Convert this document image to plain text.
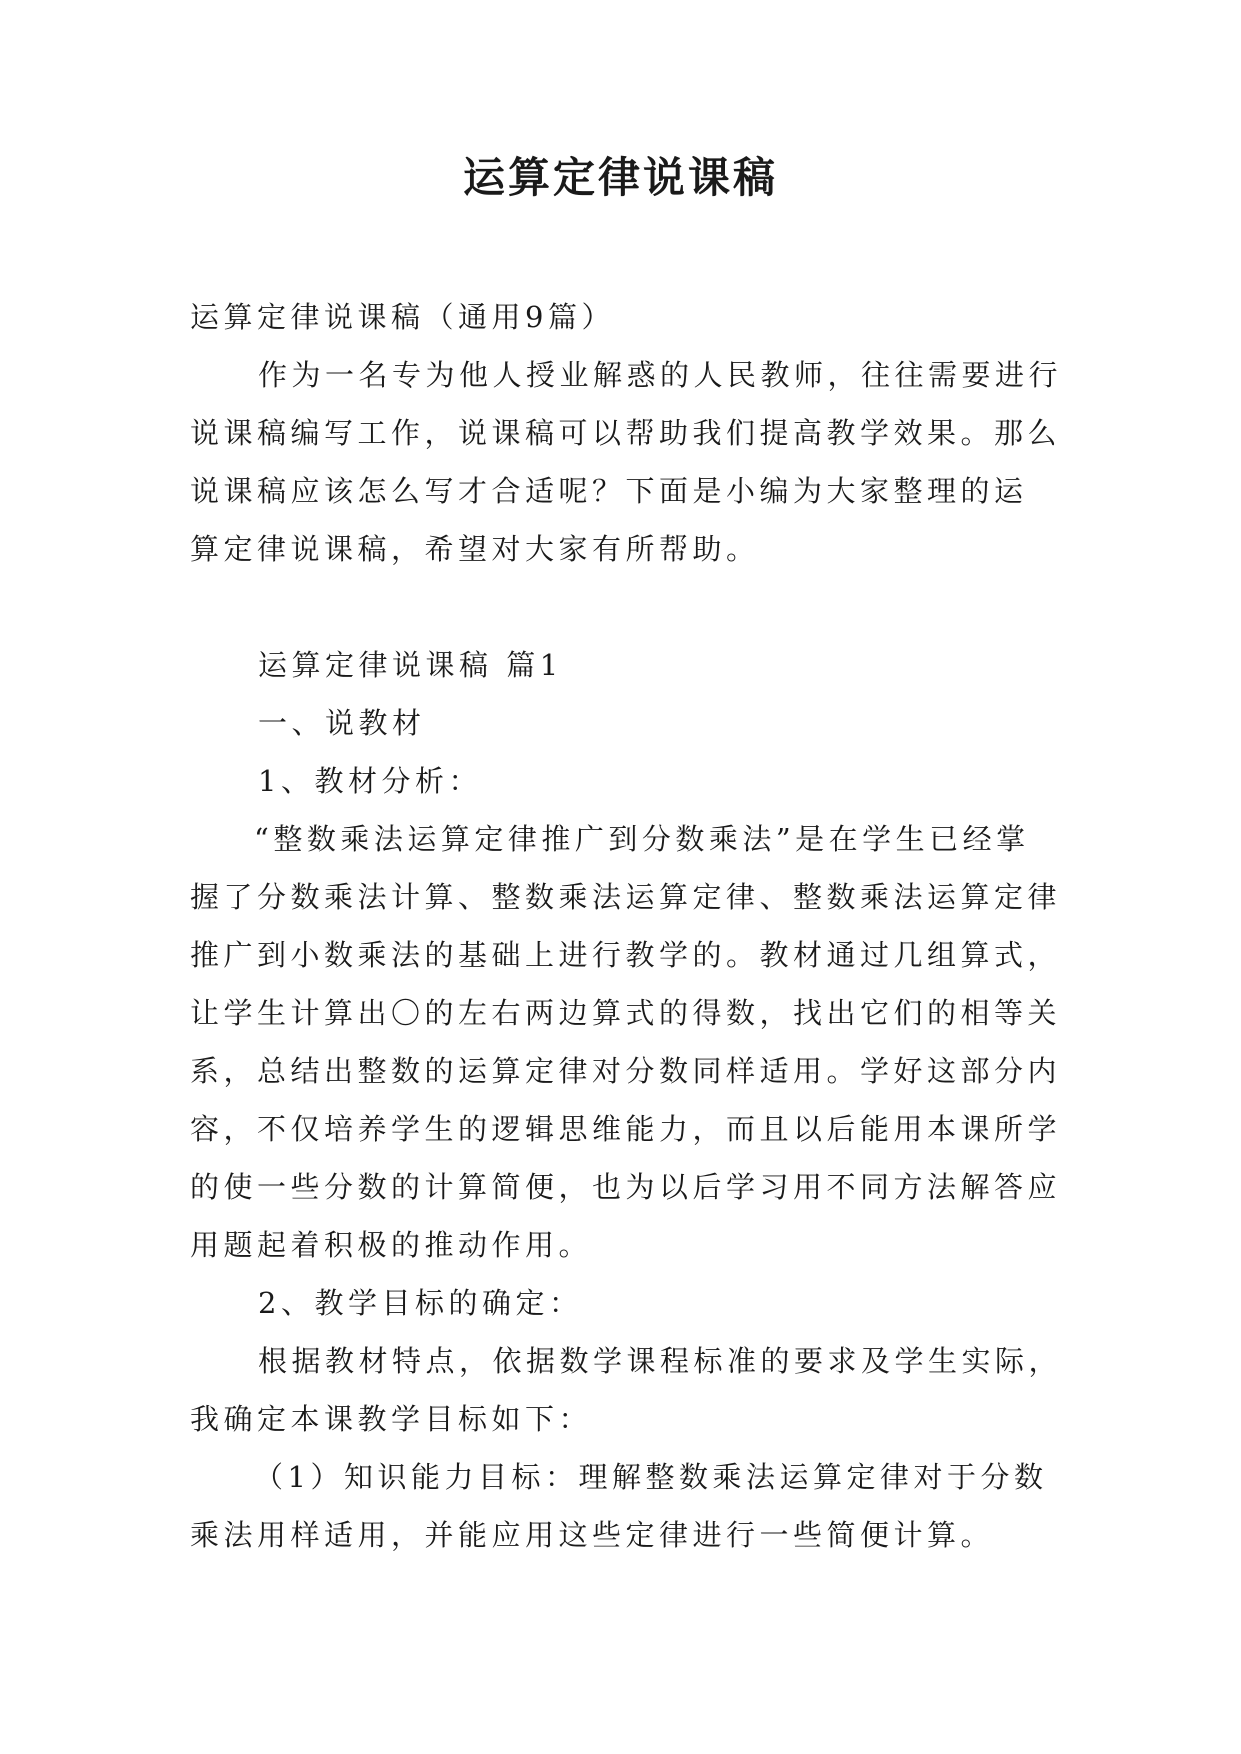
运算定律说课稿

运算定律说课稿（通用9篇）

作为一名专为他人授业解惑的人民教师，往往需要进行

说课稿编写工作，说课稿可以帮助我们提高教学效果。那么

说课稿应该怎么写才合适呢？下面是小编为大家整理的运

算定律说课稿，希望对大家有所帮助。

运算定律说课稿 篇1

一、说教材

1、教材分析：

“整数乘法运算定律推广到分数乘法”是在学生已经掌

握了分数乘法计算、整数乘法运算定律、整数乘法运算定律

推广到小数乘法的基础上进行教学的。教材通过几组算式，

让学生计算出〇的左右两边算式的得数，找出它们的相等关

系，总结出整数的运算定律对分数同样适用。学好这部分内

容，不仅培养学生的逻辑思维能力，而且以后能用本课所学

的使一些分数的计算简便，也为以后学习用不同方法解答应

用题起着积极的推动作用。

2、教学目标的确定：

根据教材特点，依据数学课程标准的要求及学生实际，

我确定本课教学目标如下：

（1）知识能力目标：理解整数乘法运算定律对于分数

乘法用样适用，并能应用这些定律进行一些简便计算。
